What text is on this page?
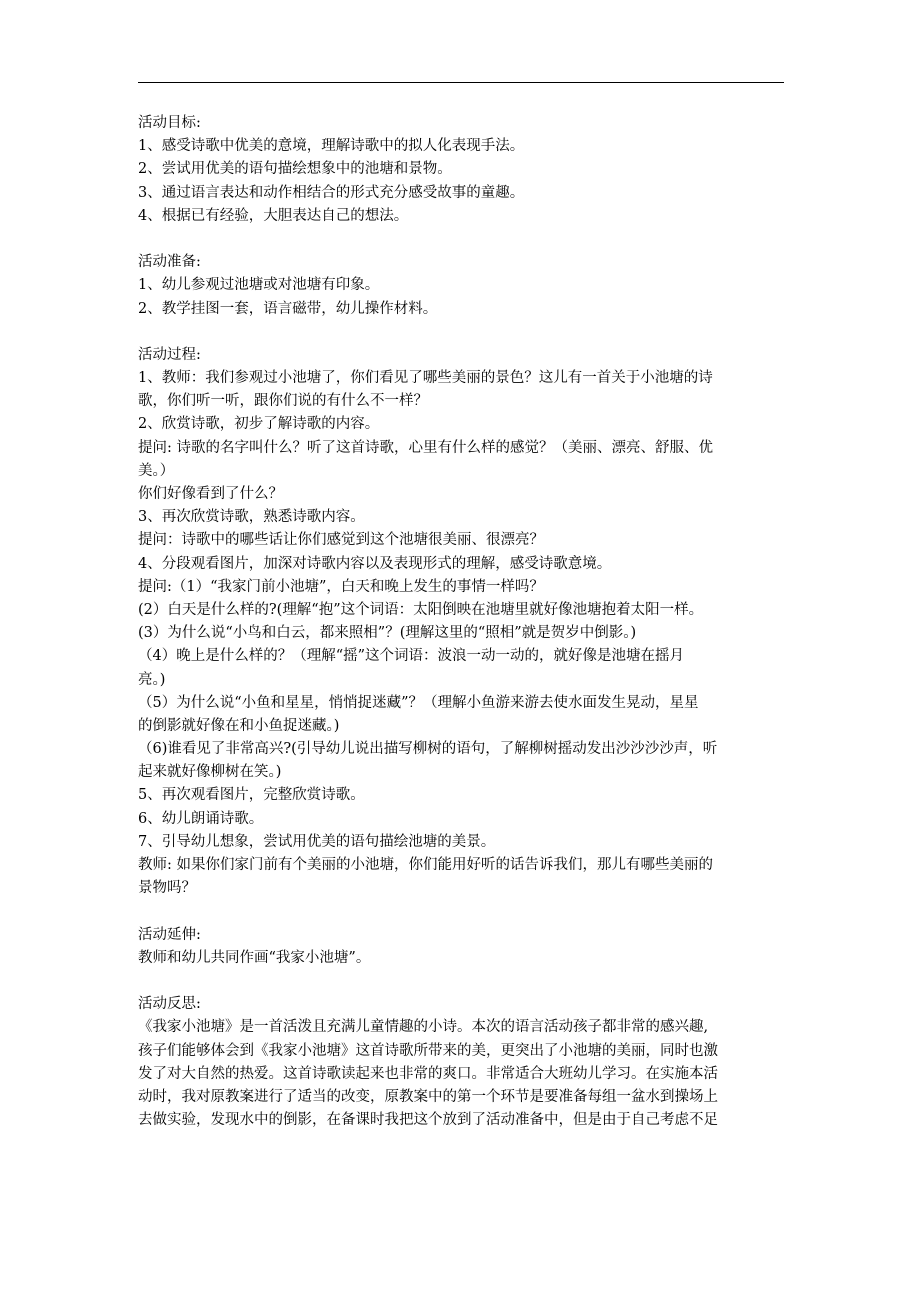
活动目标:
1、感受诗歌中优美的意境，理解诗歌中的拟人化表现手法。
2、尝试用优美的语句描绘想象中的池塘和景物。
3、通过语言表达和动作相结合的形式充分感受故事的童趣。
4、根据已有经验，大胆表达自己的想法。
活动准备:
1、幼儿参观过池塘或对池塘有印象。
2、教学挂图一套，语言磁带，幼儿操作材料。
活动过程:
1、教师：我们参观过小池塘了，你们看见了哪些美丽的景色？这儿有一首关于小池塘的诗
歌，你们听一听，跟你们说的有什么不一样？
2、欣赏诗歌，初步了解诗歌的内容。
提问: 诗歌的名字叫什么？听了这首诗歌，心里有什么样的感觉？（美丽、漂亮、舒服、优
美。）
你们好像看到了什么？
3、再次欣赏诗歌，熟悉诗歌内容。
提问：诗歌中的哪些话让你们感觉到这个池塘很美丽、很漂亮？
4、分段观看图片，加深对诗歌内容以及表现形式的理解，感受诗歌意境。
提问:（1）“我家门前小池塘”，白天和晚上发生的事情一样吗？
(2）白天是什么样的?(理解“抱”这个词语：太阳倒映在池塘里就好像池塘抱着太阳一样。
(3）为什么说“小鸟和白云，都来照相”？(理解这里的“照相”就是贺岁中倒影。)
（4）晚上是什么样的？（理解“摇”这个词语：波浪一动一动的，就好像是池塘在摇月
亮。)
（5）为什么说“小鱼和星星，悄悄捉迷藏”？（理解小鱼游来游去使水面发生晃动，星星
的倒影就好像在和小鱼捉迷藏。)
（6)谁看见了非常高兴?(引导幼儿说出描写柳树的语句，了解柳树摇动发出沙沙沙沙声，听
起来就好像柳树在笑。)
5、再次观看图片，完整欣赏诗歌。
6、幼儿朗诵诗歌。
7、引导幼儿想象，尝试用优美的语句描绘池塘的美景。
教师: 如果你们家门前有个美丽的小池塘，你们能用好听的话告诉我们，那儿有哪些美丽的
景物吗？
活动延伸:
教师和幼儿共同作画“我家小池塘”。
活动反思:
《我家小池塘》是一首活泼且充满儿童情趣的小诗。本次的语言活动孩子都非常的感兴趣,
孩子们能够体会到《我家小池塘》这首诗歌所带来的美，更突出了小池塘的美丽，同时也激
发了对大自然的热爱。这首诗歌读起来也非常的爽口。非常适合大班幼儿学习。在实施本活
动时，我对原教案进行了适当的改变，原教案中的第一个环节是要准备每组一盆水到操场上
去做实验，发现水中的倒影，在备课时我把这个放到了活动准备中，但是由于自己考虑不足
